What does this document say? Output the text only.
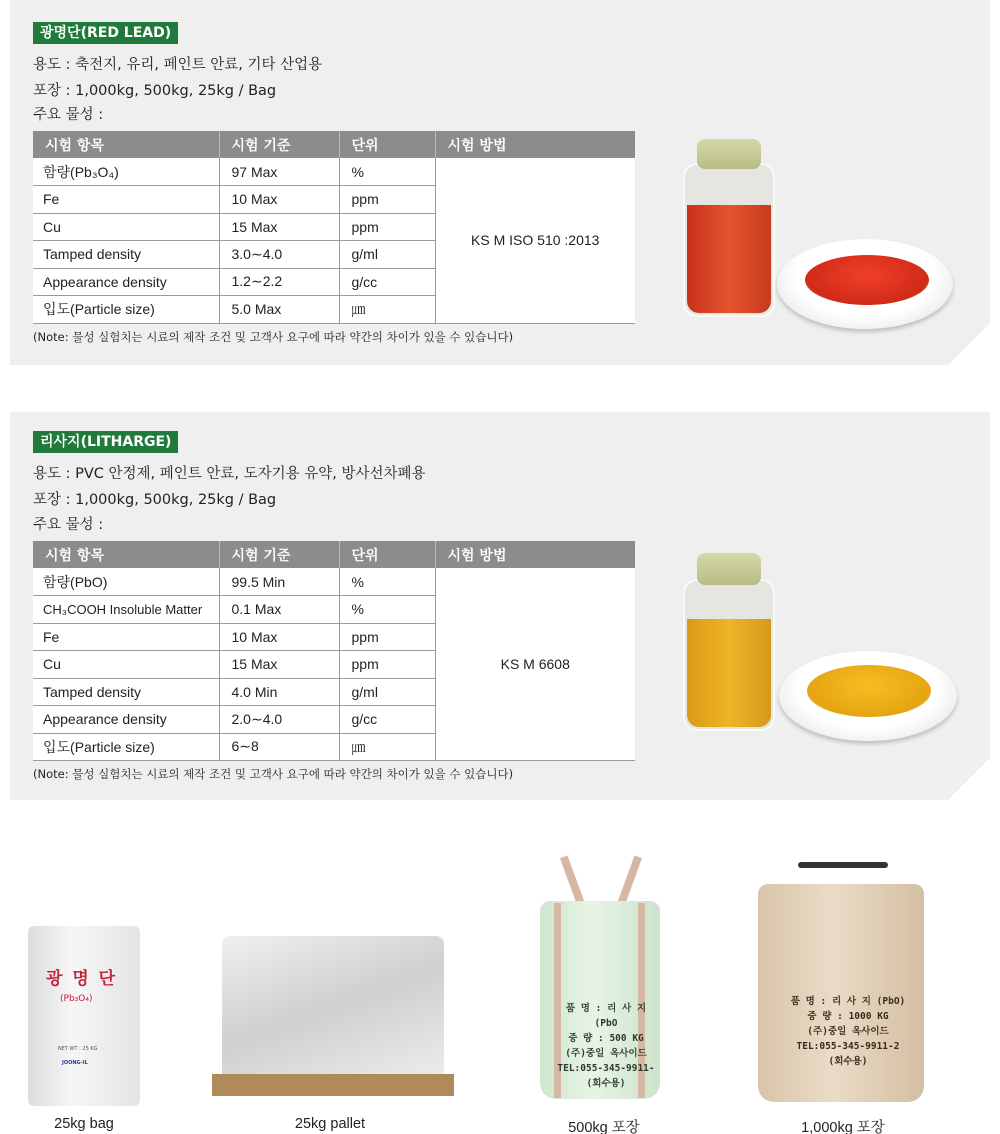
광명단(RED LEAD)
용도 : 축전지, 유리, 페인트 안료, 기타 산업용
포장 : 1,000kg, 500kg, 25kg / Bag
주요 물성 :
시험 항목	시험 기준	단위	시험 방법
함량(Pb₃O₄)	97 Max	%	KS M ISO 510 :2013
Fe	10 Max	ppm	
Cu	15 Max	ppm	
Tamped density	3.0∼4.0	g/ml	
Appearance density	1.2∼2.2	g/cc	
입도(Particle size)	5.0 Max	㎛	
(Note: 물성 실험치는 시료의 제작 조건 및 고객사 요구에 따라 약간의 차이가 있을 수 있습니다)
리사지(LITHARGE)
용도 : PVC 안정제, 페인트 안료, 도자기용 유약, 방사선차폐용
포장 : 1,000kg, 500kg, 25kg / Bag
주요 물성 :
시험 항목	시험 기준	단위	시험 방법
함량(PbO)	99.5 Min	%	KS M 6608
CH₃COOH Insoluble Matter	0.1 Max	%	
Fe	10 Max	ppm	
Cu	15 Max	ppm	
Tamped density	4.0 Min	g/ml	
Appearance density	2.0∼4.0	g/cc	
입도(Particle size)	6∼8	㎛	
(Note: 물성 실험치는 시료의 제작 조건 및 고객사 요구에 따라 약간의 차이가 있을 수 있습니다)
광 명 단
(Pb₃O₄)
NET WT : 25 KG
JOONG-IL
25kg bag	25kg pallet
품 명 : 리 사 지(PbO
중 량 : 500 KG
(주)중일 옥사이드
TEL:055-345-9911-
(회수용)
500kg 포장
품 명 : 리 사 지 (PbO)
중 량 : 1000 KG
(주)중일 옥사이드
TEL:055-345-9911-2
(회수용)
1,000kg 포장
